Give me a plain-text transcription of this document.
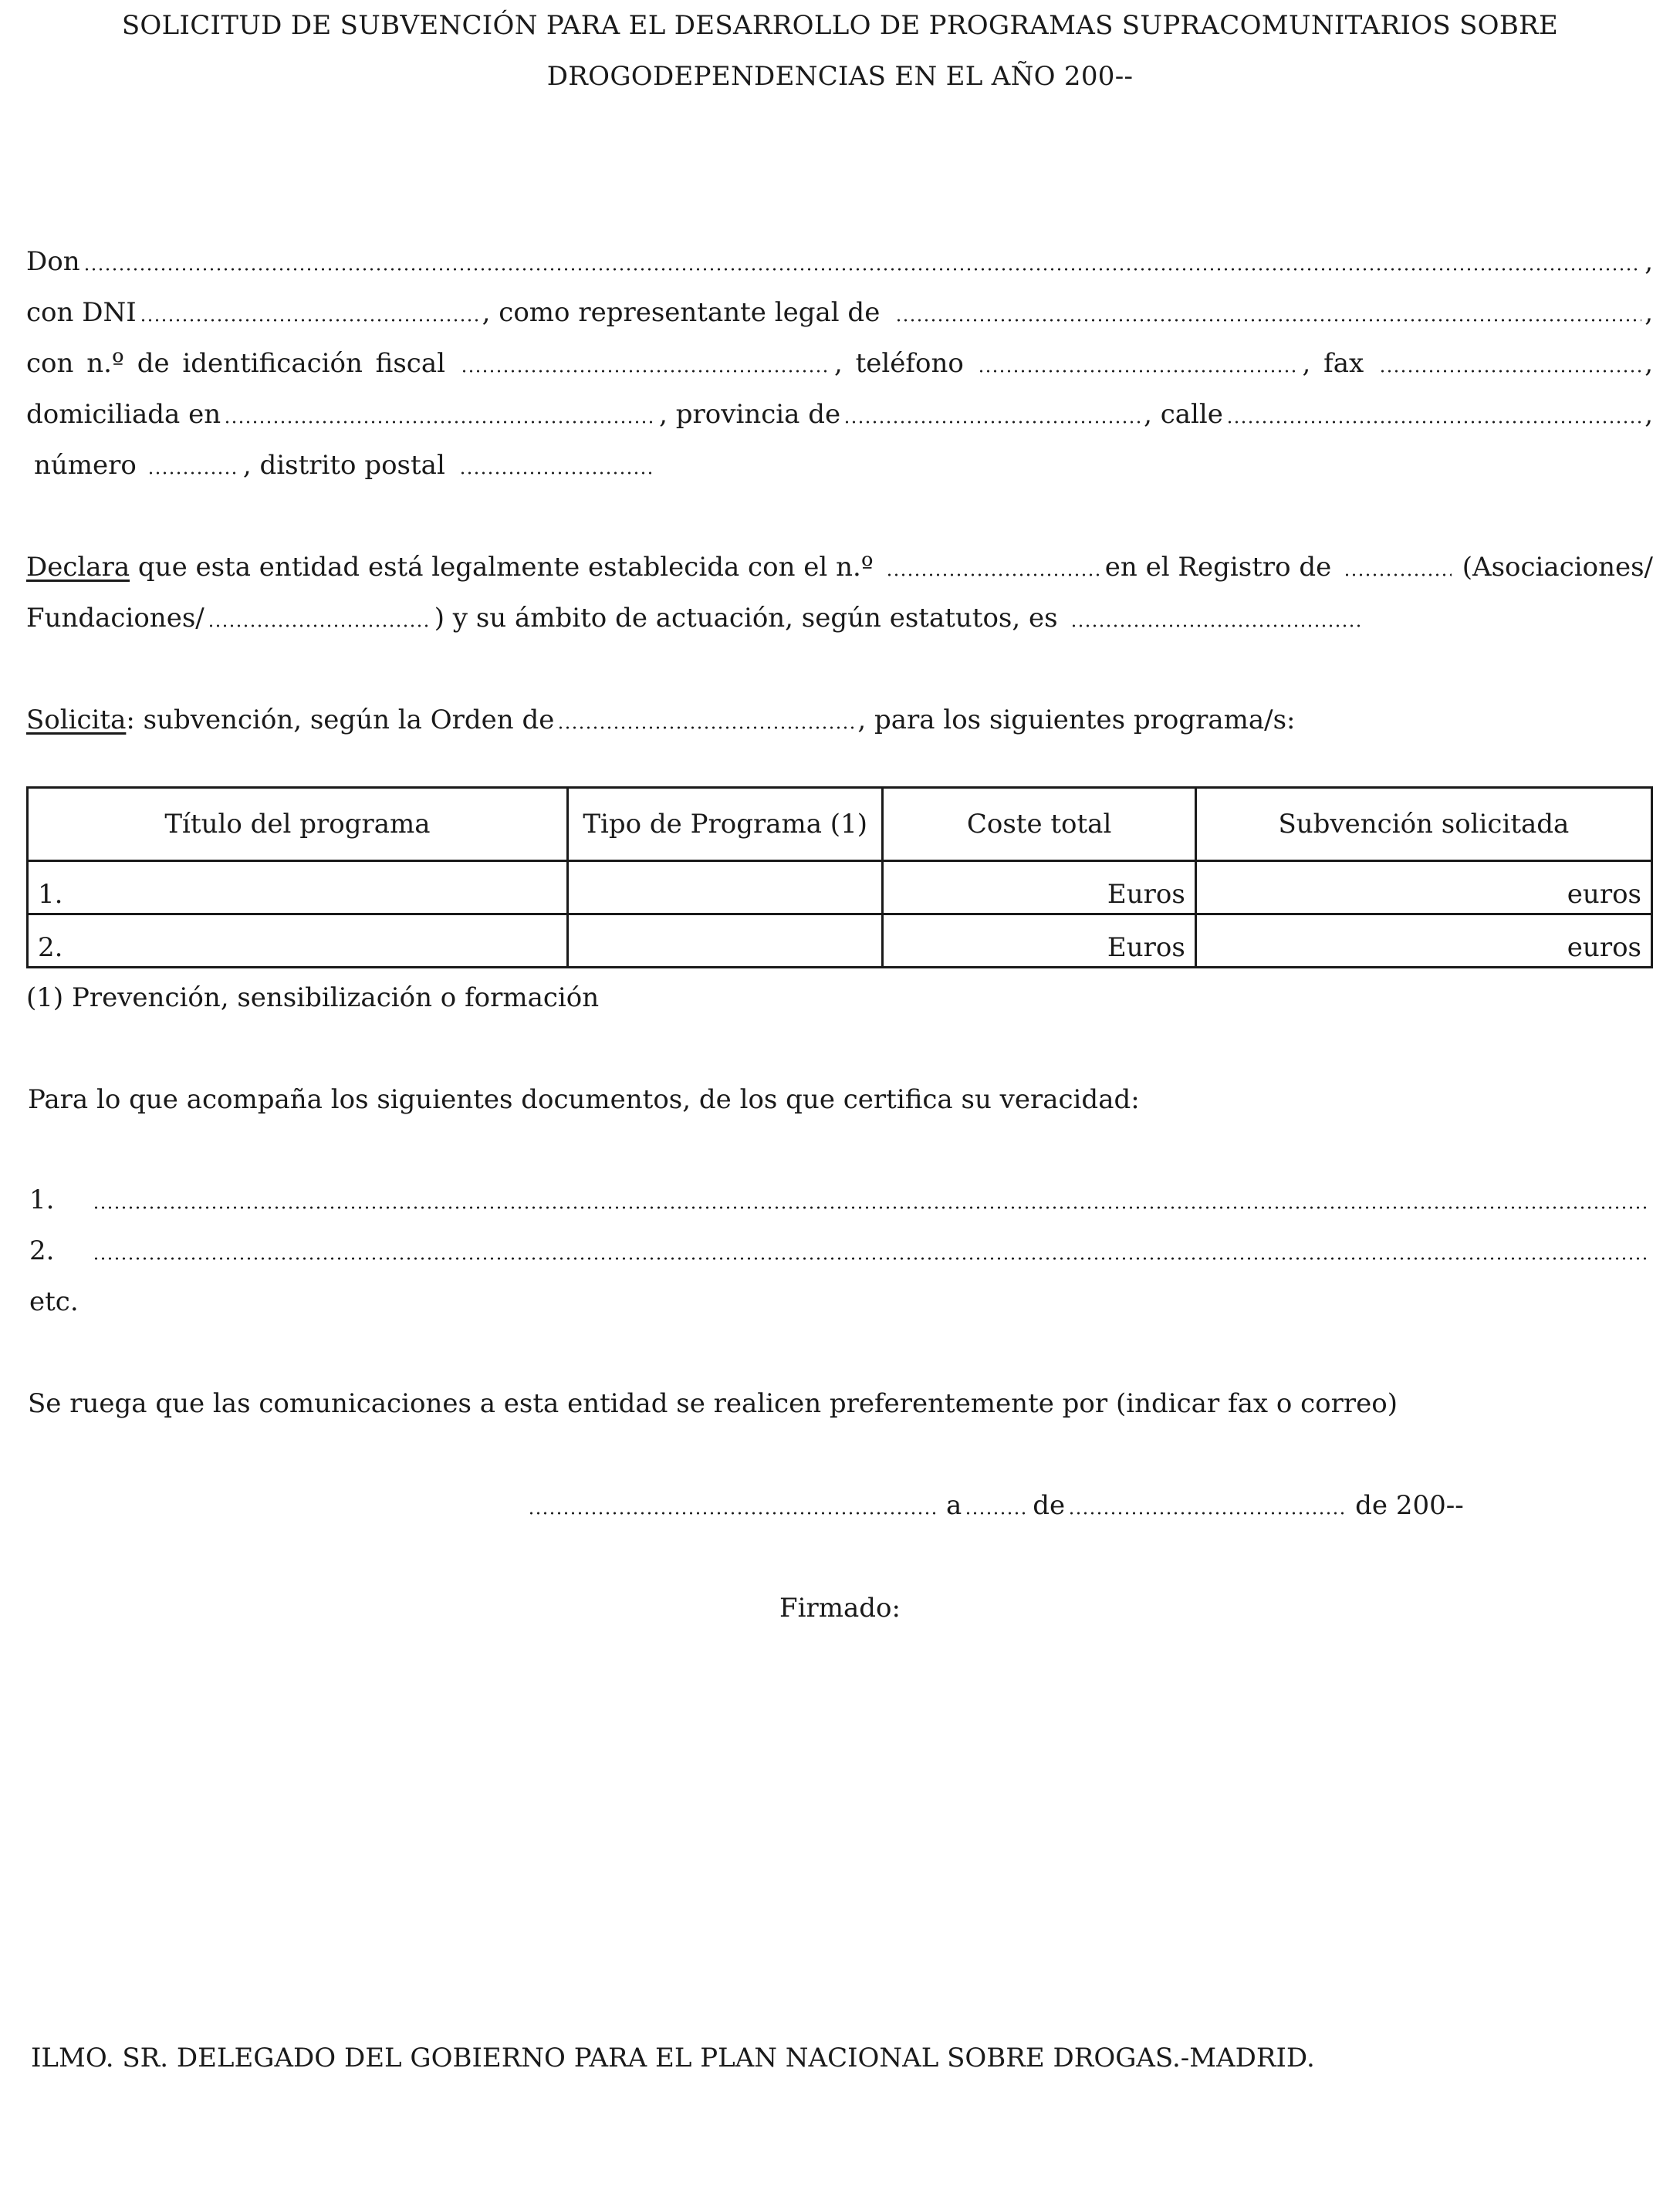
SOLICITUD DE SUBVENCIÓN PARA EL DESARROLLO DE PROGRAMAS SUPRACOMUNITARIOS SOBRE
DROGODEPENDENCIAS EN EL AÑO 200--
Don	,
con DNI	, como representante legal de	,
con n.º de identificación fiscal	, teléfono	, fax	,
domiciliada en	, provincia de	, calle	,
número	, distrito postal
Declara que esta entidad está legalmente establecida con el n.º	en el Registro de	(Asociaciones/
Fundaciones/	) y su ámbito de actuación, según estatutos, es
Solicita: subvención, según la Orden de	, para los siguientes programa/s:
Título del programa	Tipo de Programa (1)	Coste total	Subvención solicitada
1.		Euros	euros
2.		Euros	euros
(1) Prevención, sensibilización o formación
Para lo que acompaña los siguientes documentos, de los que certifica su veracidad:
1.
2.
etc.
Se ruega que las comunicaciones a esta entidad se realicen preferentemente por (indicar fax o correo)
a	de	de 200--
Firmado:
ILMO. SR. DELEGADO DEL GOBIERNO PARA EL PLAN NACIONAL SOBRE DROGAS.-MADRID.
